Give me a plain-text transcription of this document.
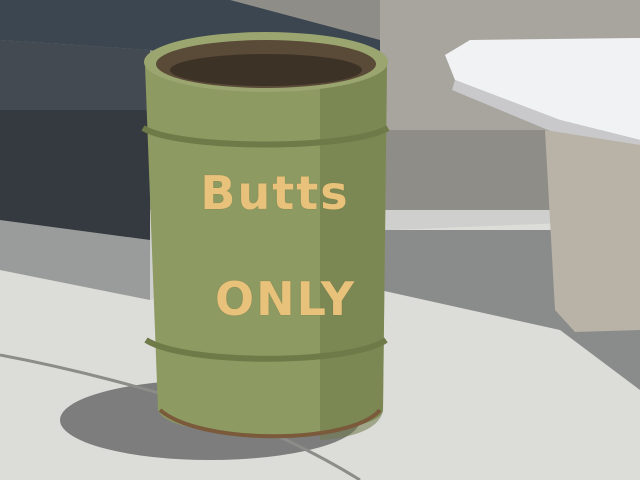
Butts
ONLY
